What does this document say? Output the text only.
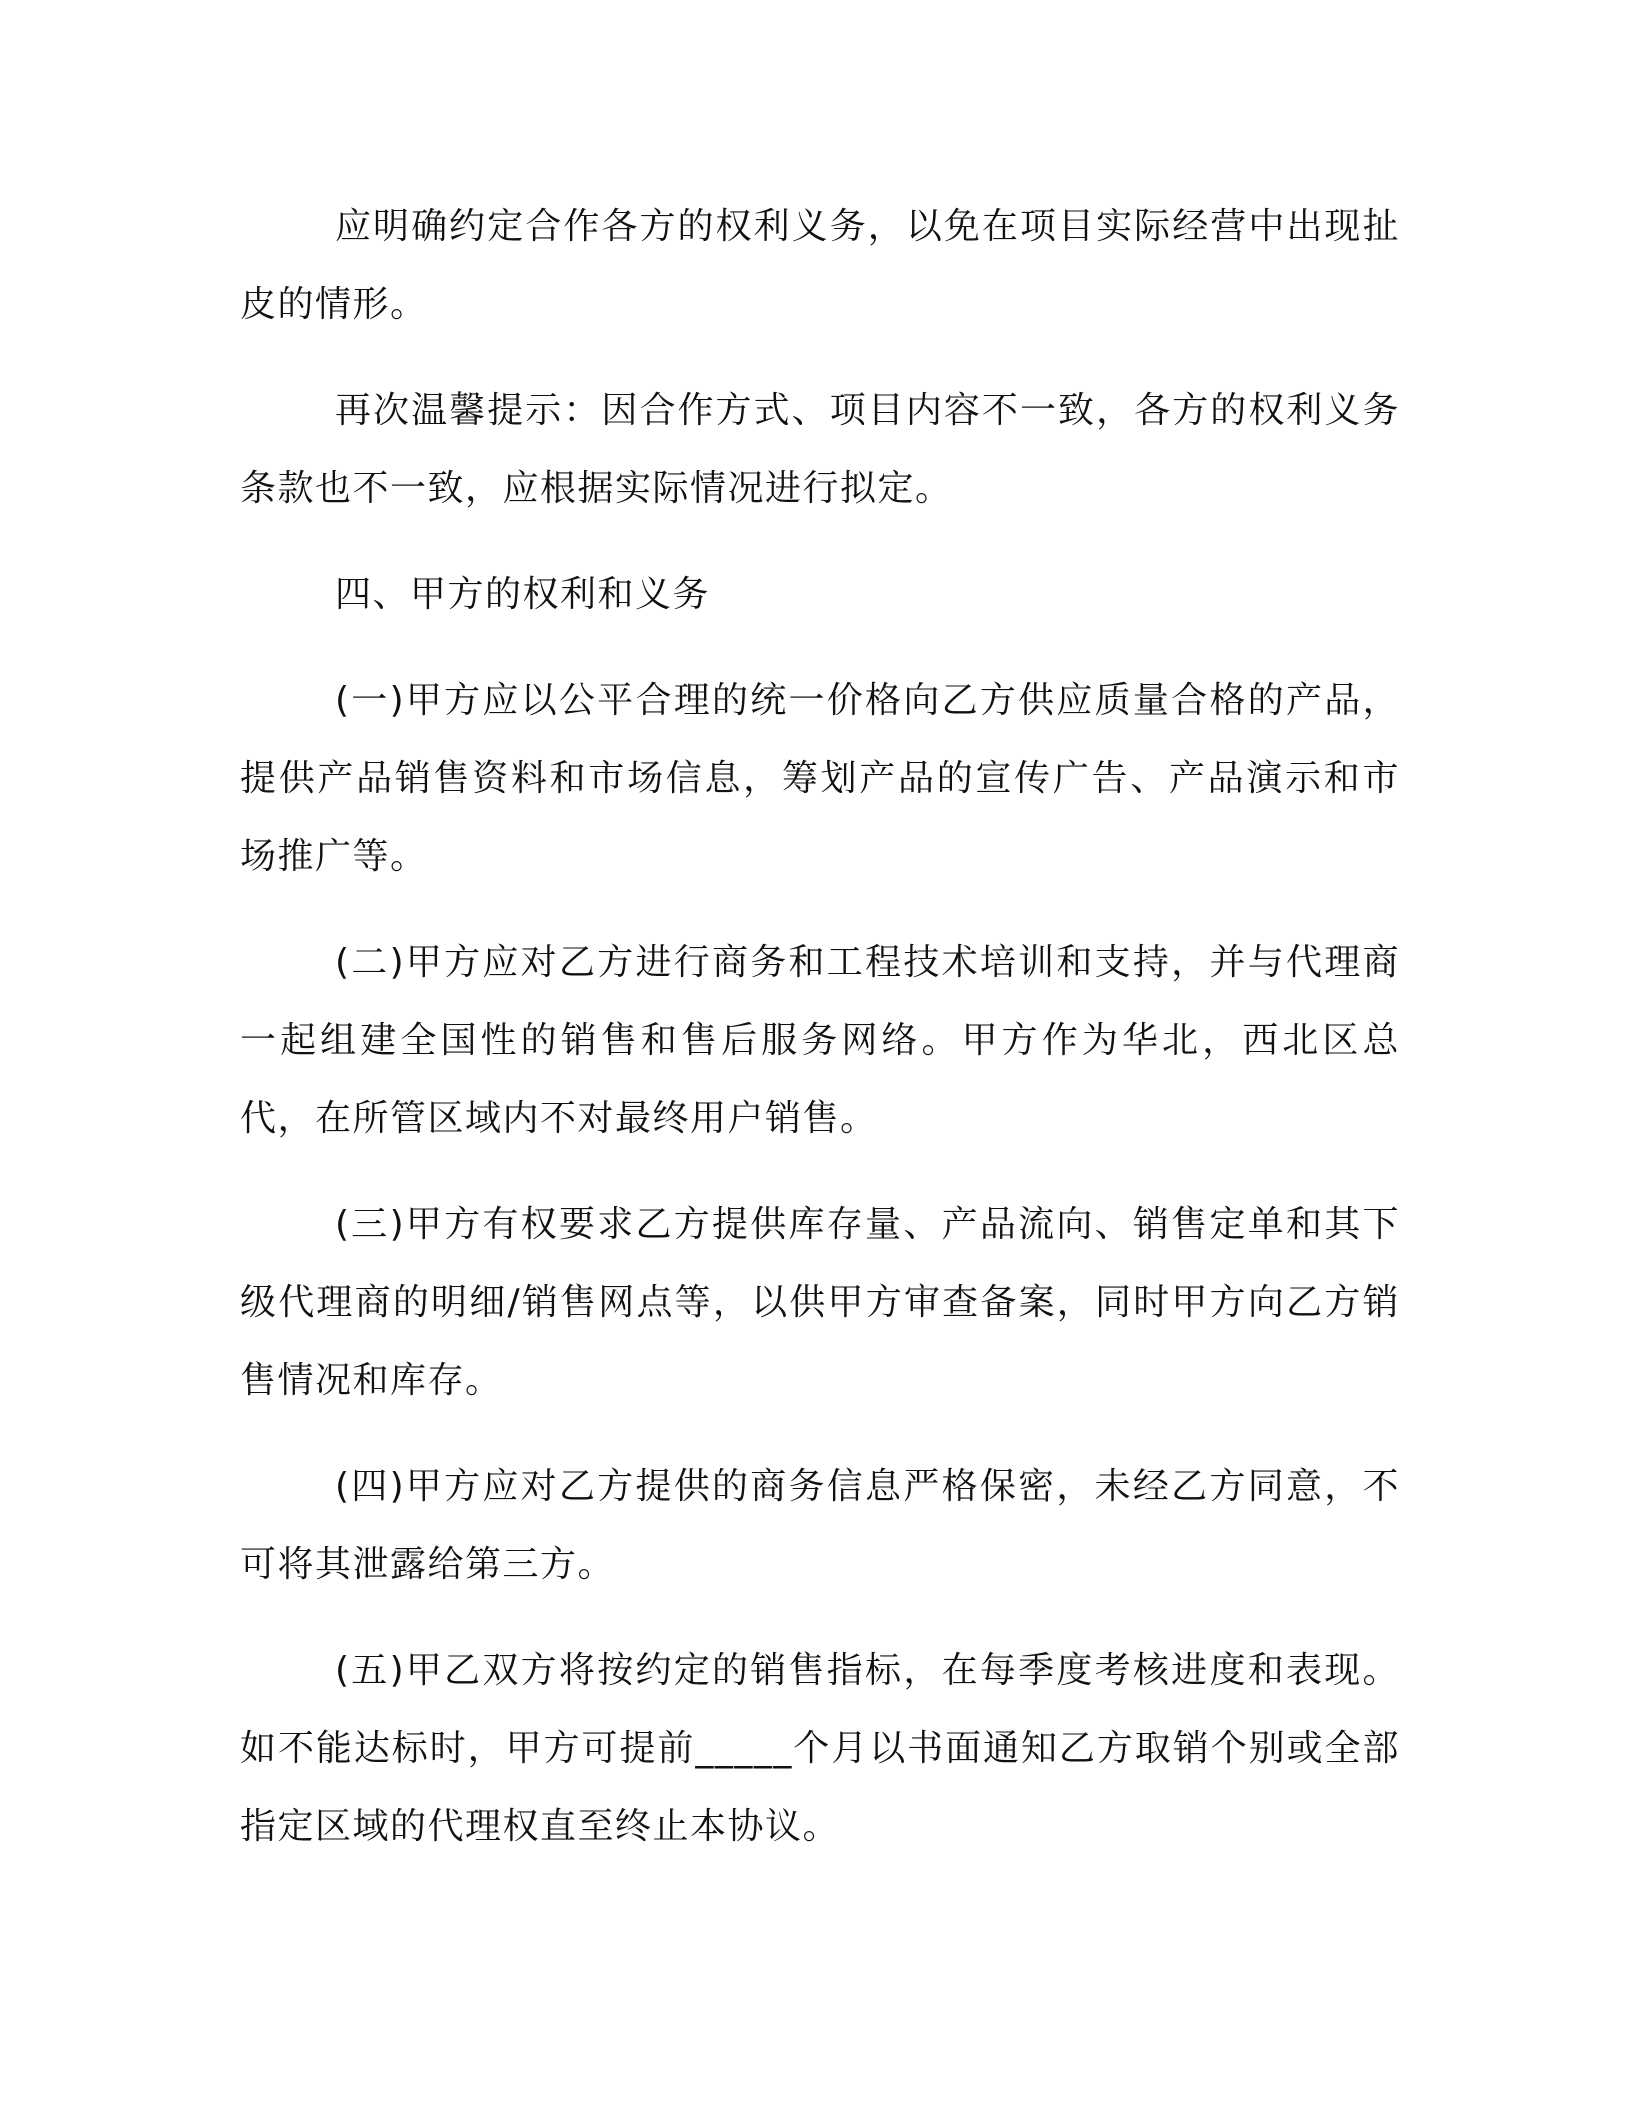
应明确约定合作各方的权利义务，以免在项目实际经营中出现扯皮的情形。

再次温馨提示：因合作方式、项目内容不一致，各方的权利义务条款也不一致，应根据实际情况进行拟定。

四、甲方的权利和义务

(一)甲方应以公平合理的统一价格向乙方供应质量合格的产品，提供产品销售资料和市场信息，筹划产品的宣传广告、产品演示和市场推广等。

(二)甲方应对乙方进行商务和工程技术培训和支持，并与代理商一起组建全国性的销售和售后服务网络。甲方作为华北，西北区总代，在所管区域内不对最终用户销售。

(三)甲方有权要求乙方提供库存量、产品流向、销售定单和其下级代理商的明细/销售网点等，以供甲方审查备案，同时甲方向乙方销售情况和库存。

(四)甲方应对乙方提供的商务信息严格保密，未经乙方同意，不可将其泄露给第三方。

(五)甲乙双方将按约定的销售指标，在每季度考核进度和表现。如不能达标时，甲方可提前_____个月以书面通知乙方取销个别或全部指定区域的代理权直至终止本协议。
